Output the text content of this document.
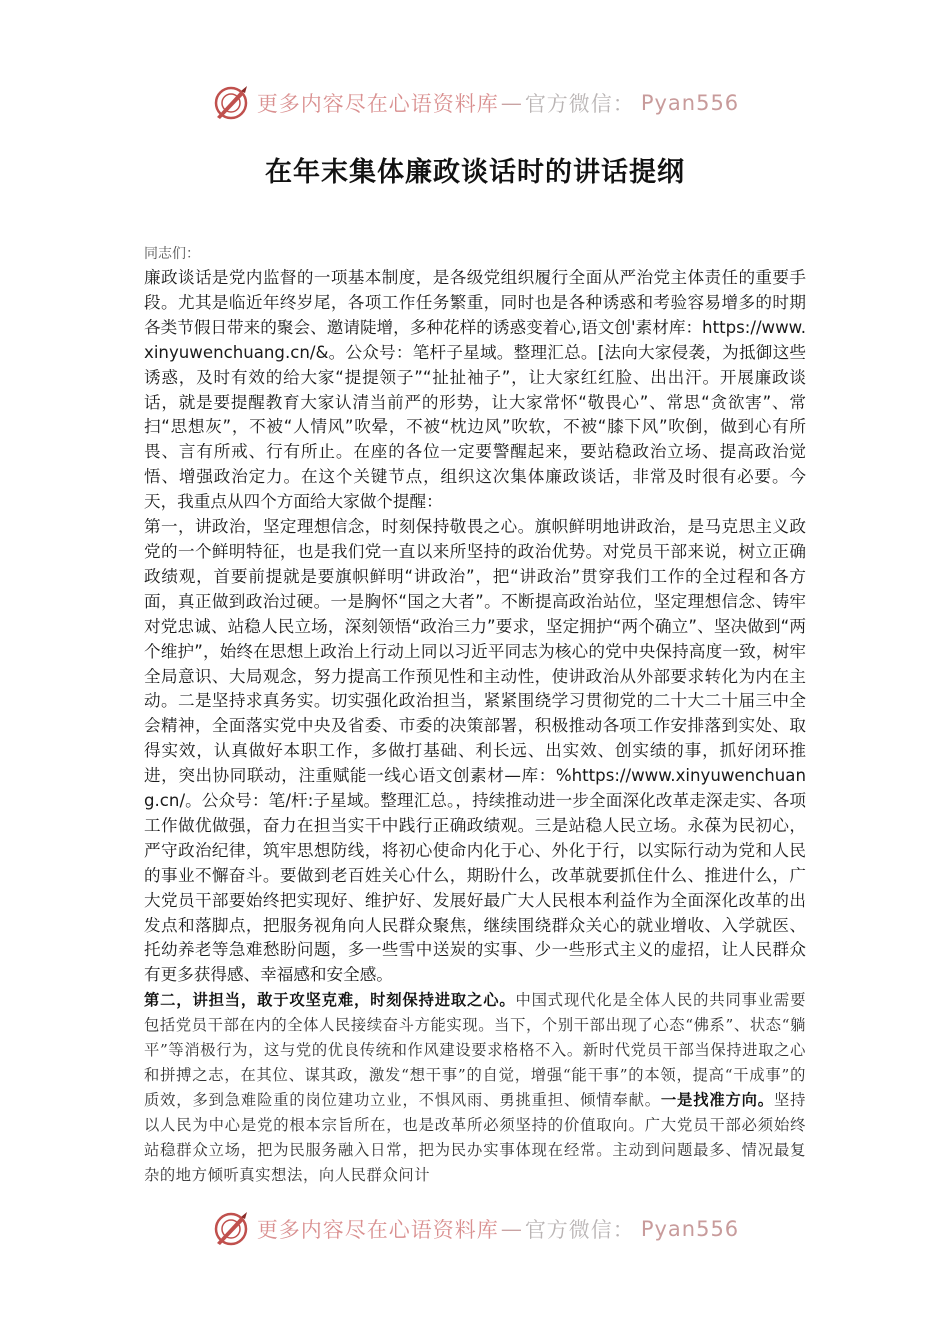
更多内容尽在心语资料库 — 官方微信： Pyan556
在年末集体廉政谈话时的讲话提纲
同志们：

廉政谈话是党内监督的一项基本制度，是各级党组织履行全面从严治党主体责任的重要手段。尤其是临近年终岁尾，各项工作任务繁重，同时也是各种诱惑和考验容易增多的时期各类节假日带来的聚会、邀请陡增，多种花样的诱惑变着心,语文创'素材库：https://www.xinyuwenchuang.cn/&。公众号：笔杆子星域。整理汇总。[法向大家侵袭，为抵御这些诱惑，及时有效的给大家“提提领子”“扯扯袖子”，让大家红红脸、出出汗。开展廉政谈话，就是要提醒教育大家认清当前严的形势，让大家常怀“敬畏心”、常思“贪欲害”、常扫“思想灰”，不被“人情风”吹晕，不被“枕边风”吹软，不被“膝下风”吹倒，做到心有所畏、言有所戒、行有所止。在座的各位一定要警醒起来，要站稳政治立场、提高政治觉悟、增强政治定力。在这个关键节点，组织这次集体廉政谈话，非常及时很有必要。今天，我重点从四个方面给大家做个提醒：

第一，讲政治，坚定理想信念，时刻保持敬畏之心。旗帜鲜明地讲政治，是马克思主义政党的一个鲜明特征，也是我们党一直以来所坚持的政治优势。对党员干部来说，树立正确政绩观，首要前提就是要旗帜鲜明“讲政治”，把“讲政治”贯穿我们工作的全过程和各方面，真正做到政治过硬。一是胸怀“国之大者”。不断提高政治站位，坚定理想信念、铸牢对党忠诚、站稳人民立场，深刻领悟“政治三力”要求，坚定拥护“两个确立”、坚决做到“两个维护”，始终在思想上政治上行动上同以习近平同志为核心的党中央保持高度一致，树牢全局意识、大局观念，努力提高工作预见性和主动性，使讲政治从外部要求转化为内在主动。二是坚持求真务实。切实强化政治担当，紧紧围绕学习贯彻党的二十大二十届三中全会精神，全面落实党中央及省委、市委的决策部署，积极推动各项工作安排落到实处、取得实效，认真做好本职工作，多做打基础、利长远、出实效、创实绩的事，抓好闭环推进，突出协同联动，注重赋能一线心语文创素材—库：%https://www.xinyuwenchuang.cn/。公众号：笔/杆:子星域。整理汇总。，持续推动进一步全面深化改革走深走实、各项工作做优做强，奋力在担当实干中践行正确政绩观。三是站稳人民立场。永葆为民初心，严守政治纪律，筑牢思想防线，将初心使命内化于心、外化于行，以实际行动为党和人民的事业不懈奋斗。要做到老百姓关心什么，期盼什么，改革就要抓住什么、推进什么，广大党员干部要始终把实现好、维护好、发展好最广大人民根本利益作为全面深化改革的出发点和落脚点，把服务视角向人民群众聚焦，继续围绕群众关心的就业增收、入学就医、托幼养老等急难愁盼问题，多一些雪中送炭的实事、少一些形式主义的虚招，让人民群众有更多获得感、幸福感和安全感。

第二，讲担当，敢于攻坚克难，时刻保持进取之心。中国式现代化是全体人民的共同事业需要包括党员干部在内的全体人民接续奋斗方能实现。当下，个别干部出现了心态“佛系”、状态“躺平”等消极行为，这与党的优良传统和作风建设要求格格不入。新时代党员干部当保持进取之心和拼搏之志，在其位、谋其政，激发“想干事”的自觉，增强“能干事”的本领，提高“干成事”的质效，多到急难险重的岗位建功立业，不惧风雨、勇挑重担、倾情奉献。一是找准方向。坚持以人民为中心是党的根本宗旨所在，也是改革所必须坚持的价值取向。广大党员干部必须始终站稳群众立场，把为民服务融入日常，把为民办实事体现在经常。主动到问题最多、情况最复杂的地方倾听真实想法，向人民群众问计

更多内容尽在心语资料库 — 官方微信： Pyan556
